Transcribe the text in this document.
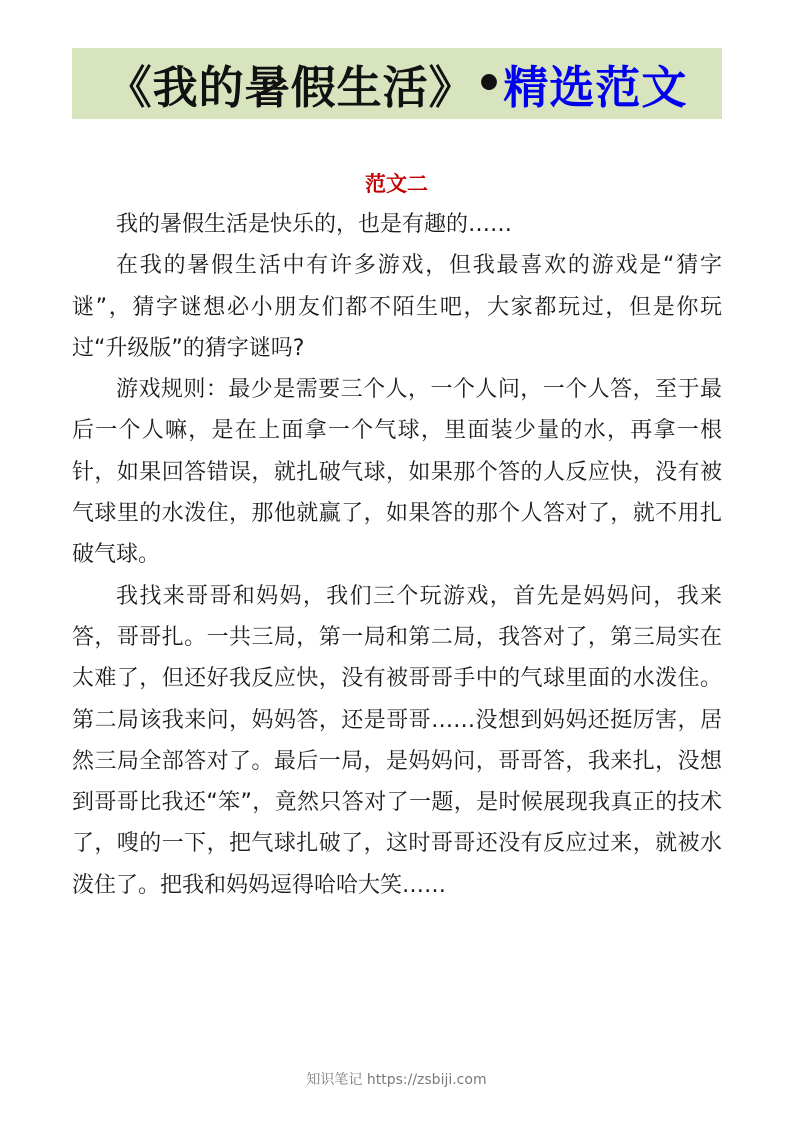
《我的暑假生活》 • 精选范文
范文二

我的暑假生活是快乐的，也是有趣的……

在我的暑假生活中有许多游戏，但我最喜欢的游戏是“猜字谜”，猜字谜想必小朋友们都不陌生吧，大家都玩过，但是你玩过“升级版”的猜字谜吗?

游戏规则：最少是需要三个人，一个人问，一个人答，至于最后一个人嘛，是在上面拿一个气球，里面装少量的水，再拿一根针，如果回答错误，就扎破气球，如果那个答的人反应快，没有被气球里的水泼住，那他就赢了，如果答的那个人答对了，就不用扎破气球。

我找来哥哥和妈妈，我们三个玩游戏，首先是妈妈问，我来答，哥哥扎。一共三局，第一局和第二局，我答对了，第三局实在太难了，但还好我反应快，没有被哥哥手中的气球里面的水泼住。第二局该我来问，妈妈答，还是哥哥……没想到妈妈还挺厉害，居然三局全部答对了。最后一局，是妈妈问，哥哥答，我来扎，没想到哥哥比我还“笨”，竟然只答对了一题，是时候展现我真正的技术了，嗖的一下，把气球扎破了，这时哥哥还没有反应过来，就被水泼住了。把我和妈妈逗得哈哈大笑……

知识笔记 https://zsbiji.com
